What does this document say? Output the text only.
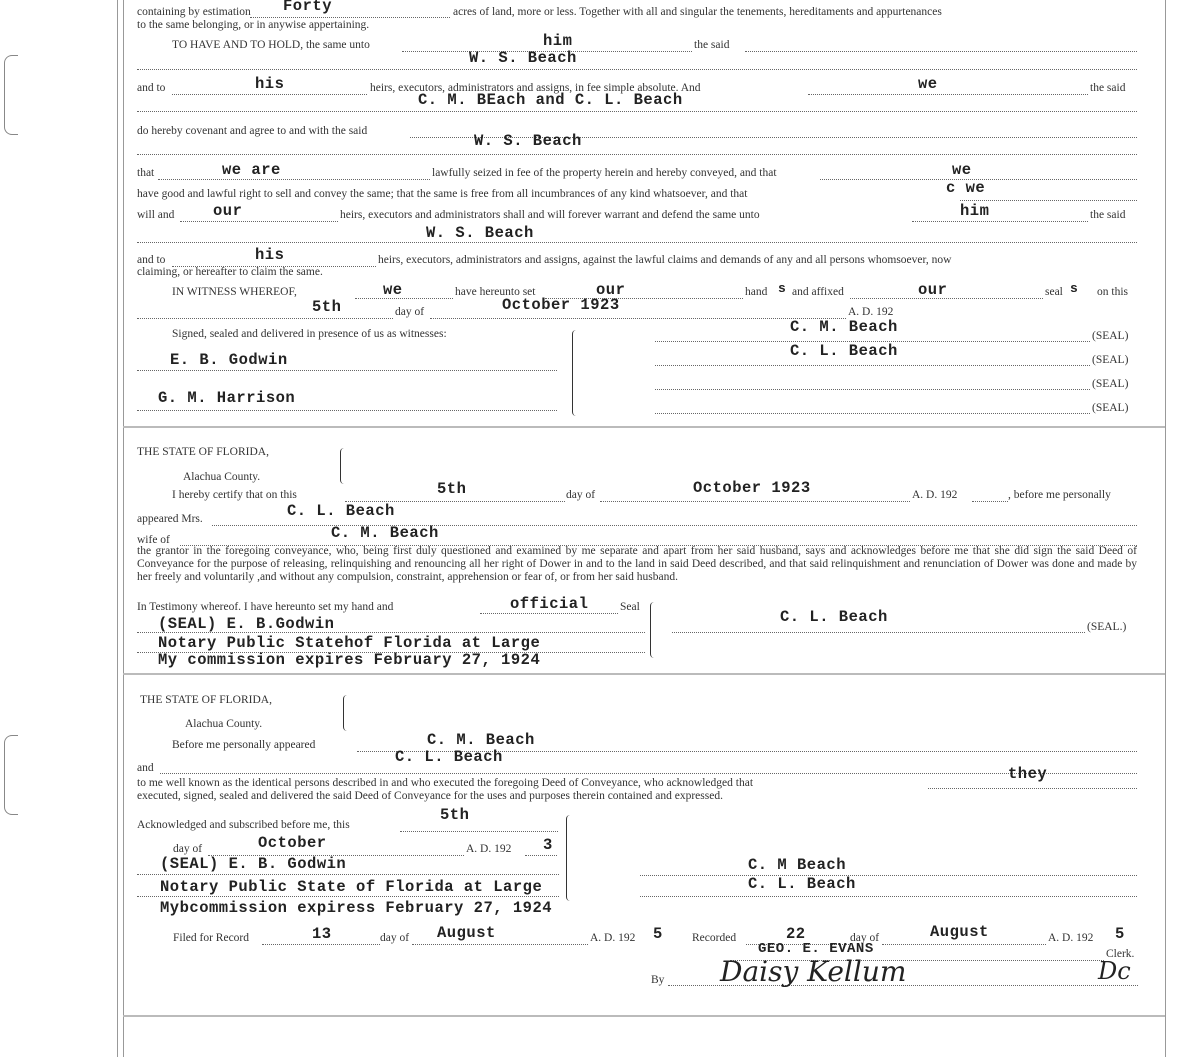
containing by estimation Forty	acres of land, more or less. Together with all and singular the tenements, hereditaments and appurtenances
to the same belonging, or in anywise appertaining.
TO HAVE AND TO HOLD, the same unto	him	the said
W. S. Beach
and to	his	heirs, executors, administrators and assigns, in fee simple absolute. And	we	the said
C. M. BEach and C. L. Beach
do hereby covenant and agree to and with the said
W. S. Beach
that	we are	lawfully seized in fee of the property herein and hereby conveyed, and that	we
have good and lawful right to sell and convey the same; that the same is free from all incumbrances of any kind whatsoever, and that	c we
will and our	heirs, executors and administrators shall and will forever warrant and defend the same unto	him	the said
W. S. Beach
and to	his	heirs, executors, administrators and assigns, against the lawful claims and demands of any and all persons whomsoever, now
claiming, or hereafter to claim the same.
IN WITNESS WHEREOF,	we	have hereunto set	our	hand s and affixed	our	seal s on this
5th	day of	October 1923	A. D. 192
Signed, sealed and delivered in presence of us as witnesses:
E. B. Godwin
G. M. Harrison
C. M. Beach	(SEAL)
C. L. Beach	(SEAL)
(SEAL)
(SEAL)
THE STATE OF FLORIDA,
Alachua County.
I hereby certify that on this	5th	day of	October 1923	A. D. 192	, before me personally
appeared Mrs.	C. L. Beach
wife of	C. M. Beach
the grantor in the foregoing conveyance, who, being first duly questioned and examined by me separate and apart from her said husband, says and acknowledges before me that she did sign the said Deed of Conveyance for the purpose of releasing, relinquishing and renouncing all her right of Dower in and to the land in said Deed described, and that said relinquishment and renunciation of Dower was done and made by her freely and voluntarily ,and without any compulsion, constraint, apprehension or fear of, or from her said husband.
In Testimony whereof. I have hereunto set my hand and	official	Seal
(SEAL) E. B.Godwin
Notary Public Statehof Florida at Large
My commission expires February 27, 1924
C. L. Beach
(SEAL.)
THE STATE OF FLORIDA,
Alachua County.
Before me personally appeared	C. M. Beach
and
C. L. Beach
to me well known as the identical persons described in and who executed the foregoing Deed of Conveyance, who acknowledged that	they
executed, signed, sealed and delivered the said Deed of Conveyance for the uses and purposes therein contained and expressed.
Acknowledged and subscribed before me, this
5th
day of	October	A. D. 192 3
(SEAL) E. B. Godwin
Notary Public State of Florida at Large
Mybcommission expiress February 27, 1924
C. M Beach
C. L. Beach
Filed for Record	13	day of August	A. D. 192 5	Recorded	22	day of	August	A. D. 192 5
GEO. E. EVANS	Clerk.
By Daisy Kellum	Dc
